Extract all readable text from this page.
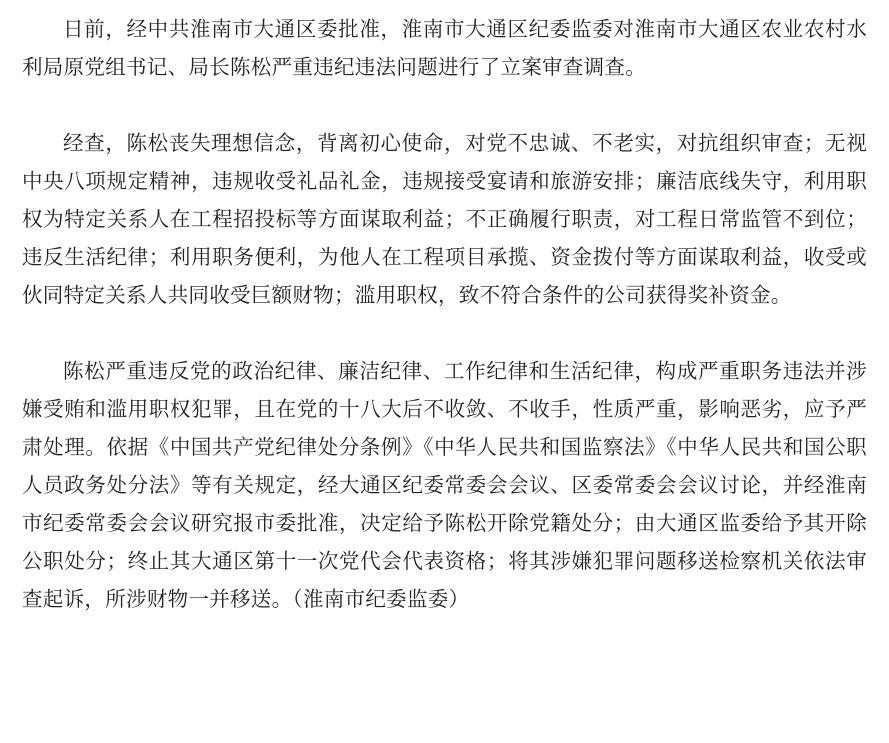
日前，经中共淮南市大通区委批准，淮南市大通区纪委监委对淮南市大通区农业农村水利局原党组书记、局长陈松严重违纪违法问题进行了立案审查调查。

经查，陈松丧失理想信念，背离初心使命，对党不忠诚、不老实，对抗组织审查；无视中央八项规定精神，违规收受礼品礼金，违规接受宴请和旅游安排；廉洁底线失守，利用职权为特定关系人在工程招投标等方面谋取利益；不正确履行职责，对工程日常监管不到位；违反生活纪律；利用职务便利，为他人在工程项目承揽、资金拨付等方面谋取利益，收受或伙同特定关系人共同收受巨额财物；滥用职权，致不符合条件的公司获得奖补资金。

陈松严重违反党的政治纪律、廉洁纪律、工作纪律和生活纪律，构成严重职务违法并涉嫌受贿和滥用职权犯罪，且在党的十八大后不收敛、不收手，性质严重，影响恶劣，应予严肃处理。依据《中国共产党纪律处分条例》《中华人民共和国监察法》《中华人民共和国公职人员政务处分法》等有关规定，经大通区纪委常委会会议、区委常委会会议讨论，并经淮南市纪委常委会会议研究报市委批准，决定给予陈松开除党籍处分；由大通区监委给予其开除公职处分；终止其大通区第十一次党代会代表资格；将其涉嫌犯罪问题移送检察机关依法审查起诉，所涉财物一并移送。（淮南市纪委监委）
